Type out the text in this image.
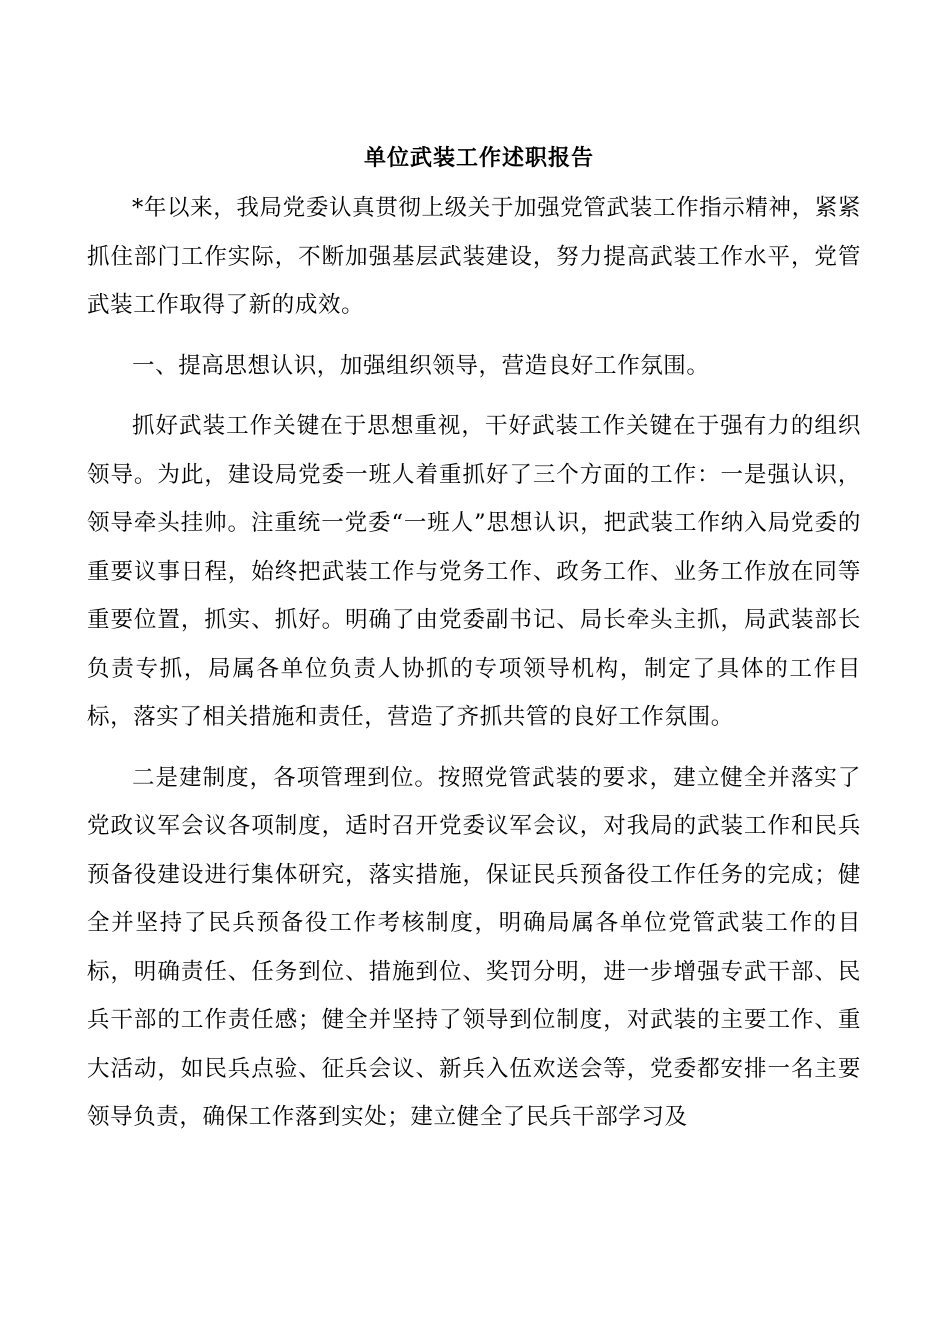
单位武装工作述职报告

*年以来，我局党委认真贯彻上级关于加强党管武装工作指示精神，紧紧抓住部门工作实际，不断加强基层武装建设，努力提高武装工作水平，党管武装工作取得了新的成效。

一、提高思想认识，加强组织领导，营造良好工作氛围。

抓好武装工作关键在于思想重视，干好武装工作关键在于强有力的组织领导。为此，建设局党委一班人着重抓好了三个方面的工作：一是强认识，领导牵头挂帅。注重统一党委“一班人”思想认识，把武装工作纳入局党委的重要议事日程，始终把武装工作与党务工作、政务工作、业务工作放在同等重要位置，抓实、抓好。明确了由党委副书记、局长牵头主抓，局武装部长负责专抓，局属各单位负责人协抓的专项领导机构，制定了具体的工作目标，落实了相关措施和责任，营造了齐抓共管的良好工作氛围。

二是建制度，各项管理到位。按照党管武装的要求，建立健全并落实了党政议军会议各项制度，适时召开党委议军会议，对我局的武装工作和民兵预备役建设进行集体研究，落实措施，保证民兵预备役工作任务的完成；健全并坚持了民兵预备役工作考核制度，明确局属各单位党管武装工作的目标，明确责任、任务到位、措施到位、奖罚分明，进一步增强专武干部、民兵干部的工作责任感；健全并坚持了领导到位制度，对武装的主要工作、重大活动，如民兵点验、征兵会议、新兵入伍欢送会等，党委都安排一名主要领导负责，确保工作落到实处；建立健全了民兵干部学习及
